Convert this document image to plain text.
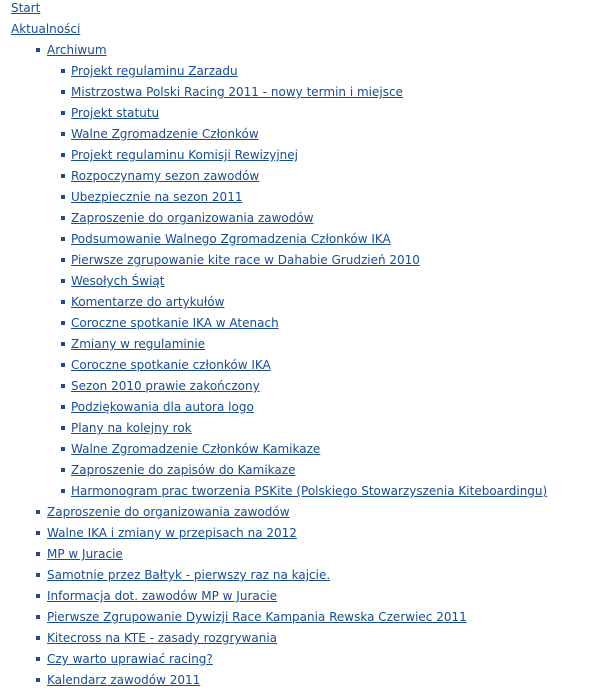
Start
Aktualności
Archiwum
Projekt regulaminu Zarzadu
Mistrzostwa Polski Racing 2011 - nowy termin i miejsce
Projekt statutu
Walne Zgromadzenie Członków
Projekt regulaminu Komisji Rewizyjnej
Rozpoczynamy sezon zawodów
Ubezpiecznie na sezon 2011
Zaproszenie do organizowania zawodów
Podsumowanie Walnego Zgromadzenia Członków IKA
Pierwsze zgrupowanie kite race w Dahabie Grudzień 2010
Wesołych Świąt
Komentarze do artykułów
Coroczne spotkanie IKA w Atenach
Zmiany w regulaminie
Coroczne spotkanie członków IKA
Sezon 2010 prawie zakończony
Podziękowania dla autora logo
Plany na kolejny rok
Walne Zgromadzenie Członków Kamikaze
Zaproszenie do zapisów do Kamikaze
Harmonogram prac tworzenia PSKite (Polskiego Stowarzyszenia Kiteboardingu)
Zaproszenie do organizowania zawodów
Walne IKA i zmiany w przepisach na 2012
MP w Juracie
Samotnie przez Bałtyk - pierwszy raz na kajcie.
Informacja dot. zawodów MP w Juracie
Pierwsze Zgrupowanie Dywizji Race Kampania Rewska Czerwiec 2011
Kitecross na KTE - zasady rozgrywania
Czy warto uprawiać racing?
Kalendarz zawodów 2011
